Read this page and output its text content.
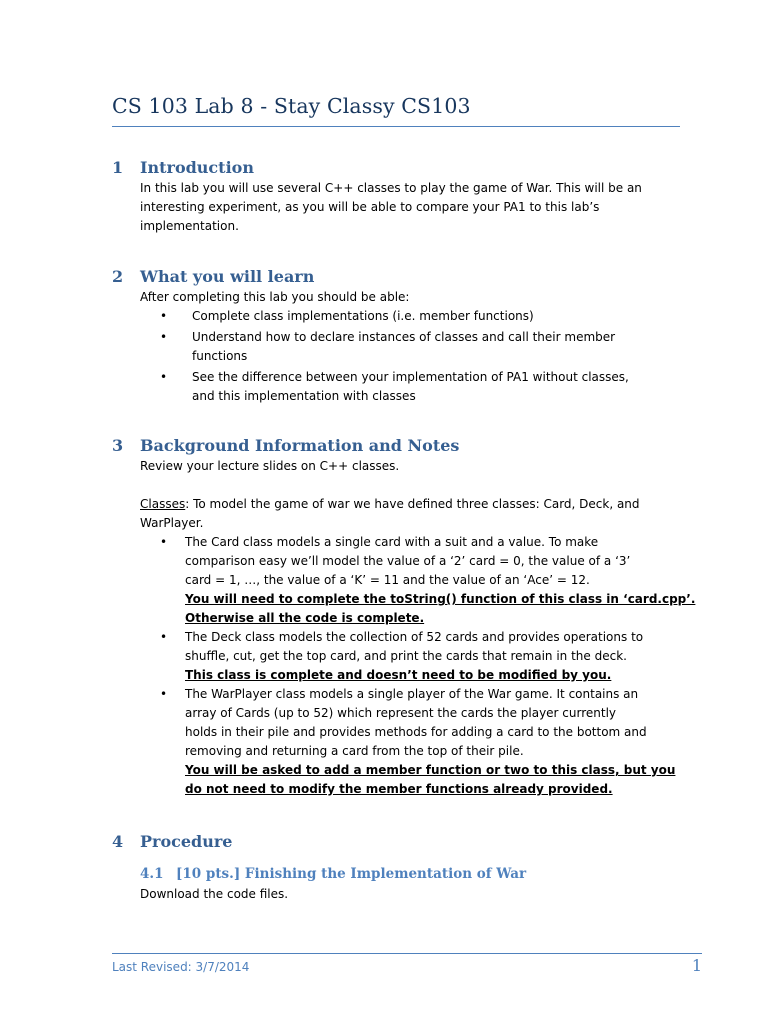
CS 103 Lab 8 - Stay Classy CS103
1 Introduction
In this lab you will use several C++ classes to play the game of War. This will be an
interesting experiment, as you will be able to compare your PA1 to this lab’s
implementation.
2 What you will learn
After completing this lab you should be able:
•	Complete class implementations (i.e. member functions)
•	Understand how to declare instances of classes and call their member
functions
•	See the difference between your implementation of PA1 without classes,
and this implementation with classes
3 Background Information and Notes
Review your lecture slides on C++ classes.
Classes: To model the game of war we have defined three classes: Card, Deck, and
WarPlayer.
•	The Card class models a single card with a suit and a value. To make
comparison easy we’ll model the value of a ‘2’ card = 0, the value of a ‘3’
card = 1, …, the value of a ‘K’ = 11 and the value of an ‘Ace’ = 12.
You will need to complete the toString() function of this class in ‘card.cpp’.
Otherwise all the code is complete.
•	The Deck class models the collection of 52 cards and provides operations to
shuffle, cut, get the top card, and print the cards that remain in the deck.
This class is complete and doesn’t need to be modified by you.
•	The WarPlayer class models a single player of the War game. It contains an
array of Cards (up to 52) which represent the cards the player currently
holds in their pile and provides methods for adding a card to the bottom and
removing and returning a card from the top of their pile.
You will be asked to add a member function or two to this class, but you
do not need to modify the member functions already provided.
4 Procedure
4.1 [10 pts.] Finishing the Implementation of War
Download the code files.
Last Revised: 3/7/2014	1
